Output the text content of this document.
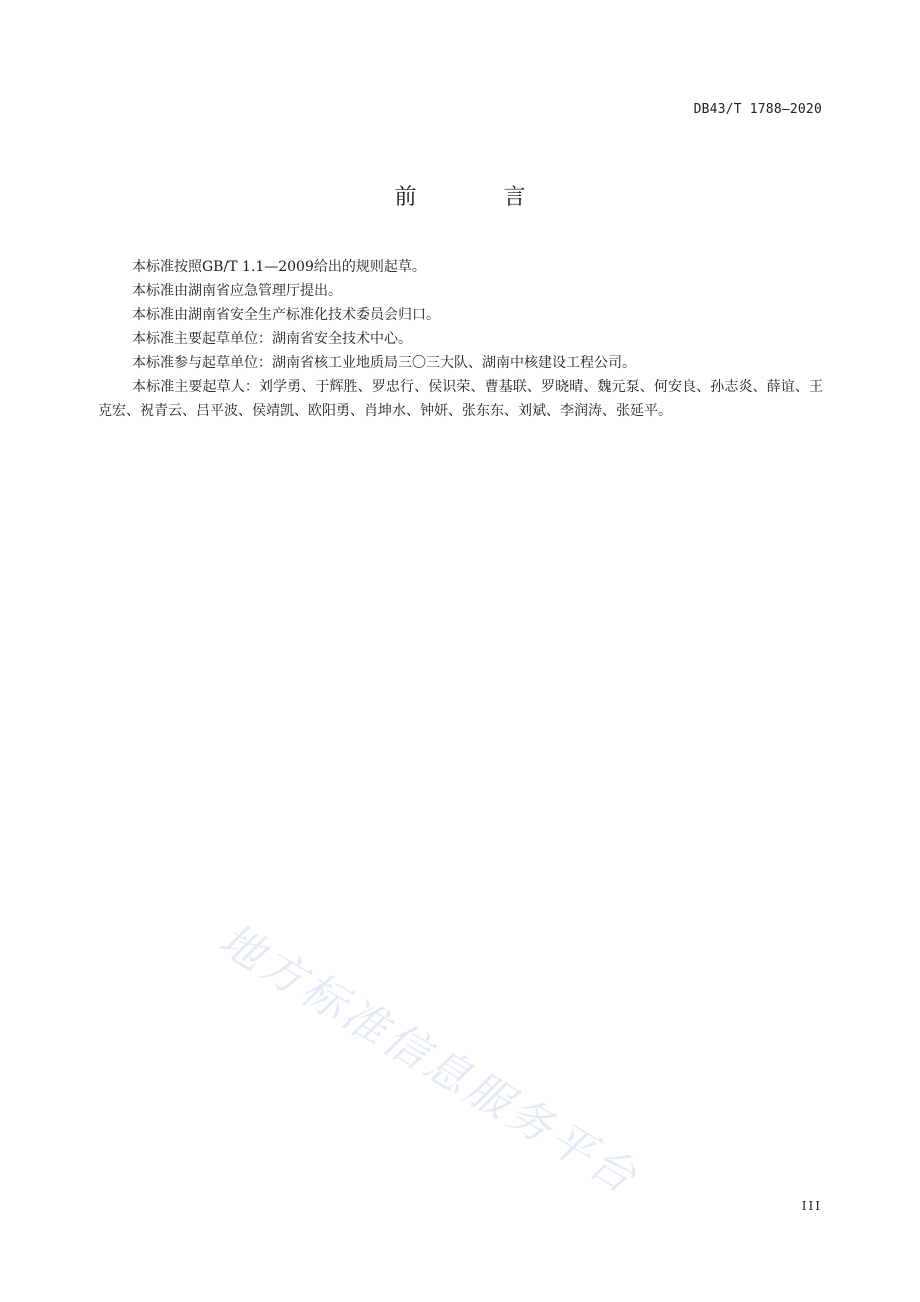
DB43/T 1788—2020
前 言

本标准按照GB/T 1.1—2009给出的规则起草。

本标准由湖南省应急管理厅提出。

本标准由湖南省安全生产标准化技术委员会归口。

本标准主要起草单位：湖南省安全技术中心。

本标准参与起草单位：湖南省核工业地质局三〇三大队、湖南中核建设工程公司。

本标准主要起草人：刘学勇、于辉胜、罗忠行、侯识荣、曹基联、罗晓晴、魏元泵、何安良、孙志炎、薛谊、王克宏、祝青云、吕平波、侯靖凯、欧阳勇、肖坤水、钟妍、张东东、刘斌、李润涛、张延平。

地方标准信息服务平台
III
